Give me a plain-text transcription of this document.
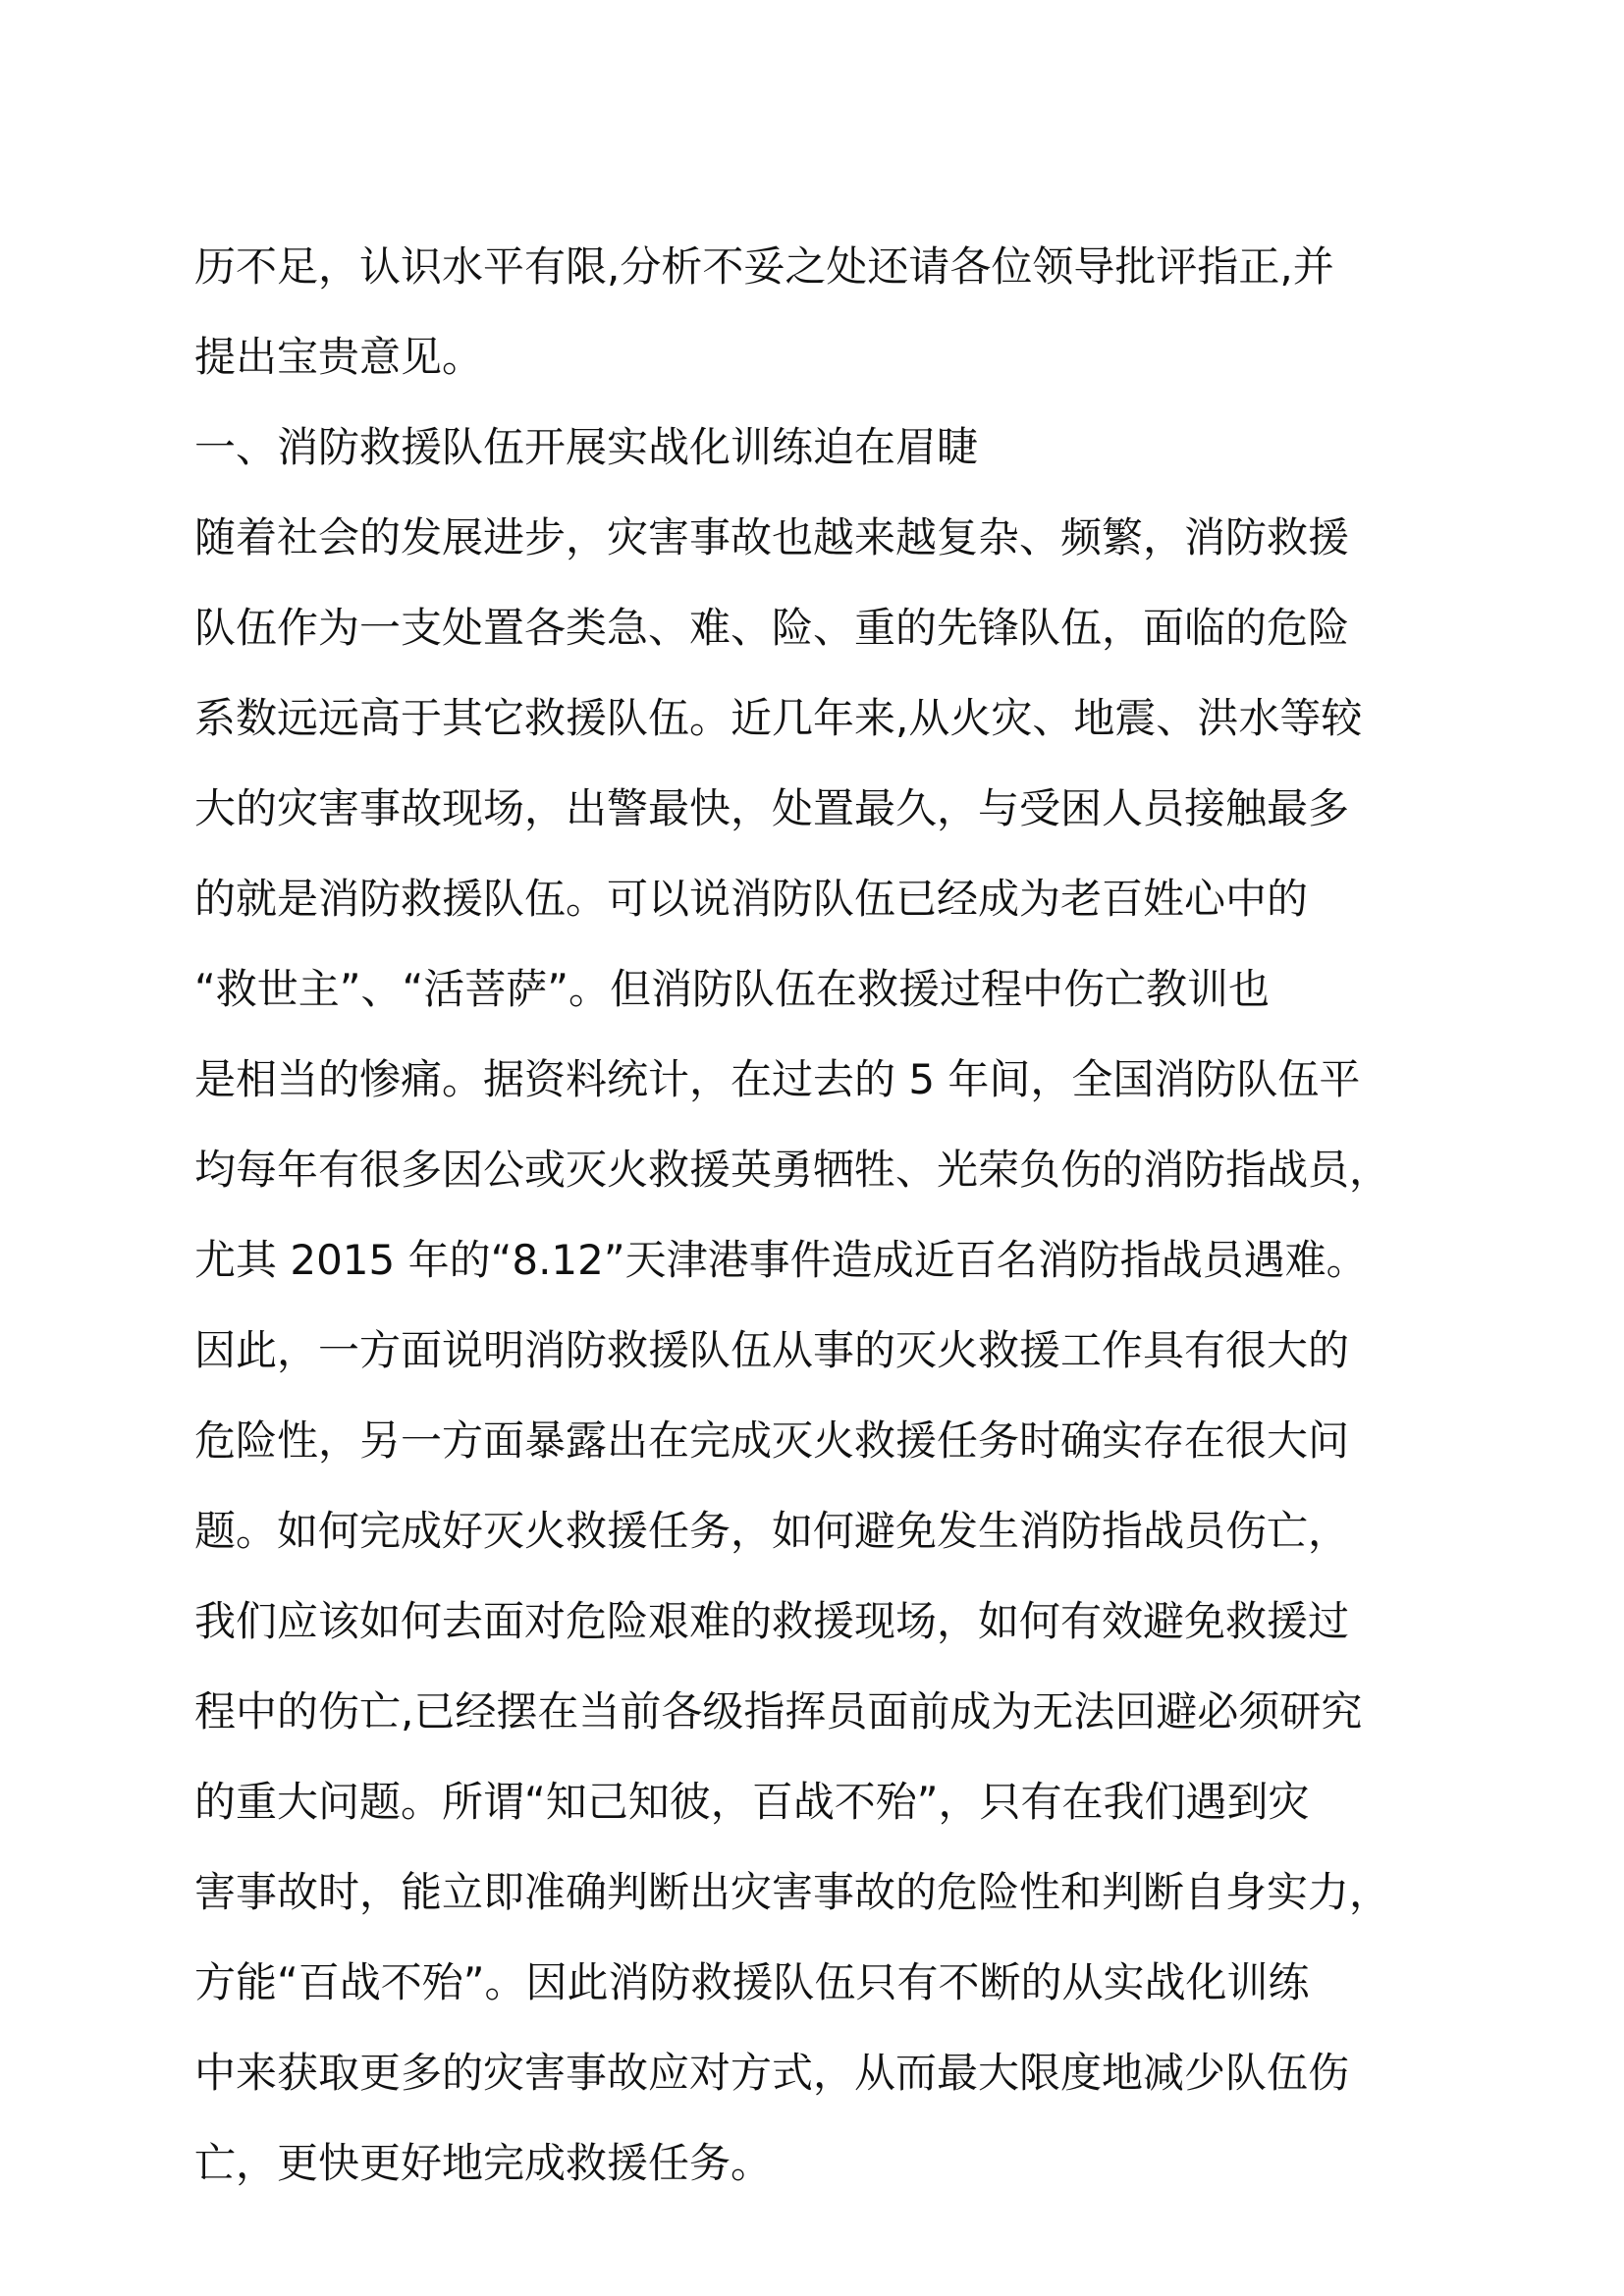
历不足，认识水平有限,分析不妥之处还请各位领导批评指正,并
提出宝贵意见。
一、消防救援队伍开展实战化训练迫在眉睫
随着社会的发展进步，灾害事故也越来越复杂、频繁，消防救援
队伍作为一支处置各类急、难、险、重的先锋队伍，面临的危险
系数远远高于其它救援队伍。近几年来,从火灾、地震、洪水等较
大的灾害事故现场，出警最快，处置最久，与受困人员接触最多
的就是消防救援队伍。可以说消防队伍已经成为老百姓心中的
“救世主”、“活菩萨”。但消防队伍在救援过程中伤亡教训也
是相当的惨痛。据资料统计，在过去的 5 年间，全国消防队伍平
均每年有很多因公或灭火救援英勇牺牲、光荣负伤的消防指战员，
尤其 2015 年的“8.12”天津港事件造成近百名消防指战员遇难。
因此，一方面说明消防救援队伍从事的灭火救援工作具有很大的
危险性，另一方面暴露出在完成灭火救援任务时确实存在很大问
题。如何完成好灭火救援任务，如何避免发生消防指战员伤亡，
我们应该如何去面对危险艰难的救援现场，如何有效避免救援过
程中的伤亡,已经摆在当前各级指挥员面前成为无法回避必须研究
的重大问题。所谓“知己知彼，百战不殆”，只有在我们遇到灾
害事故时，能立即准确判断出灾害事故的危险性和判断自身实力，
方能“百战不殆”。因此消防救援队伍只有不断的从实战化训练
中来获取更多的灾害事故应对方式，从而最大限度地减少队伍伤
亡，更快更好地完成救援任务。
